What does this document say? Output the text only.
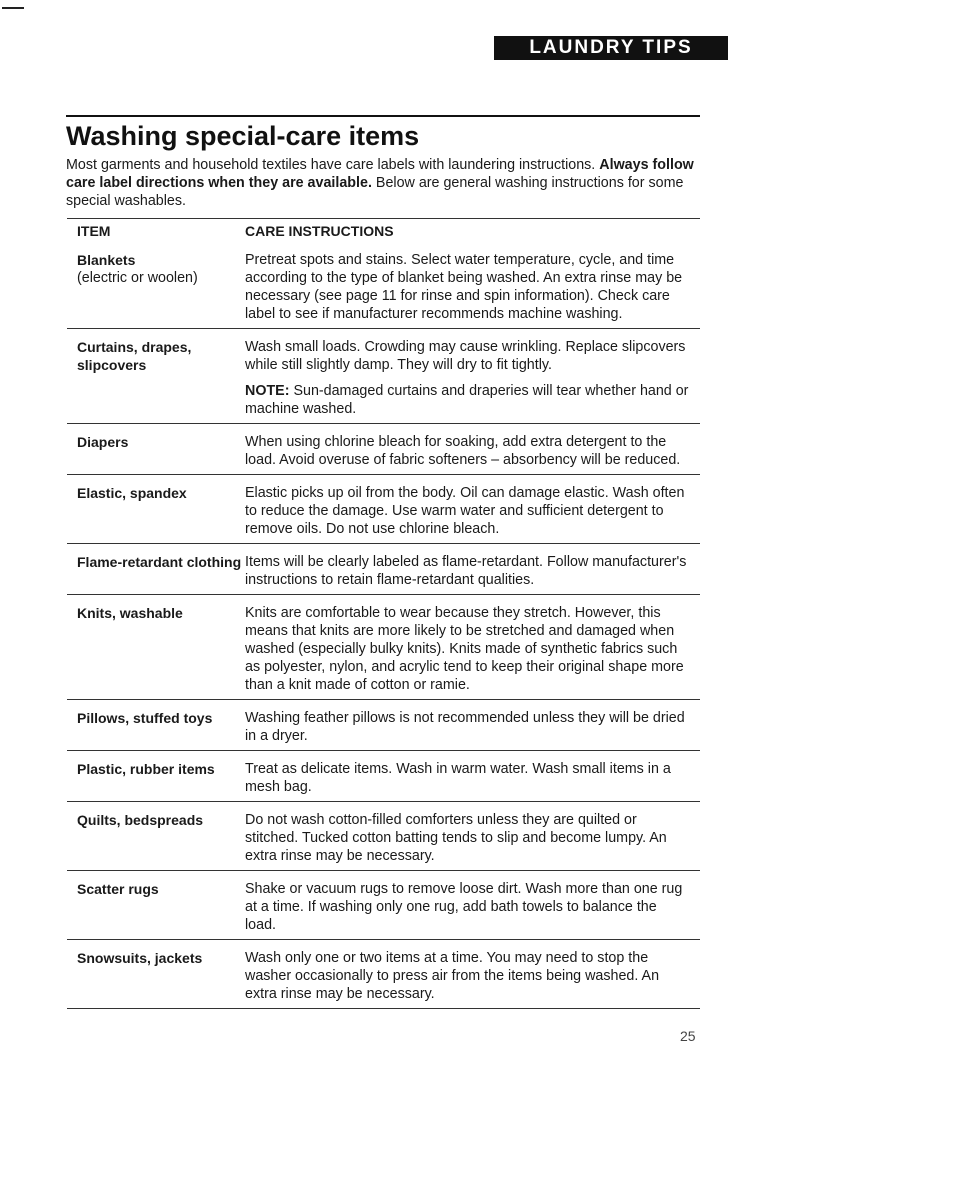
LAUNDRY TIPS
Washing special-care items

Most garments and household textiles have care labels with laundering instructions. Always follow care label directions when they are available. Below are general washing instructions for some special washables.

ITEM	CARE INSTRUCTIONS

Blankets
(electric or woolen)	Pretreat spots and stains. Select water temperature, cycle, and time according to the type of blanket being washed. An extra rinse may be necessary (see page 11 for rinse and spin information). Check care label to see if manufacturer recommends machine washing.

Curtains, drapes, slipcovers	Wash small loads. Crowding may cause wrinkling. Replace slipcovers while still slightly damp. They will dry to fit tightly.
NOTE: Sun-damaged curtains and draperies will tear whether hand or machine washed.

Diapers	When using chlorine bleach for soaking, add extra detergent to the load. Avoid overuse of fabric softeners – absorbency will be reduced.

Elastic, spandex	Elastic picks up oil from the body. Oil can damage elastic. Wash often to reduce the damage. Use warm water and sufficient detergent to remove oils. Do not use chlorine bleach.

Flame-retardant clothing	Items will be clearly labeled as flame-retardant. Follow manufacturer's instructions to retain flame-retardant qualities.

Knits, washable	Knits are comfortable to wear because they stretch. However, this means that knits are more likely to be stretched and damaged when washed (especially bulky knits). Knits made of synthetic fabrics such as polyester, nylon, and acrylic tend to keep their original shape more than a knit made of cotton or ramie.

Pillows, stuffed toys	Washing feather pillows is not recommended unless they will be dried in a dryer.

Plastic, rubber items	Treat as delicate items. Wash in warm water. Wash small items in a mesh bag.

Quilts, bedspreads	Do not wash cotton-filled comforters unless they are quilted or stitched. Tucked cotton batting tends to slip and become lumpy. An extra rinse may be necessary.

Scatter rugs	Shake or vacuum rugs to remove loose dirt. Wash more than one rug at a time. If washing only one rug, add bath towels to balance the load.

Snowsuits, jackets	Wash only one or two items at a time. You may need to stop the washer occasionally to press air from the items being washed. An extra rinse may be necessary.
25
